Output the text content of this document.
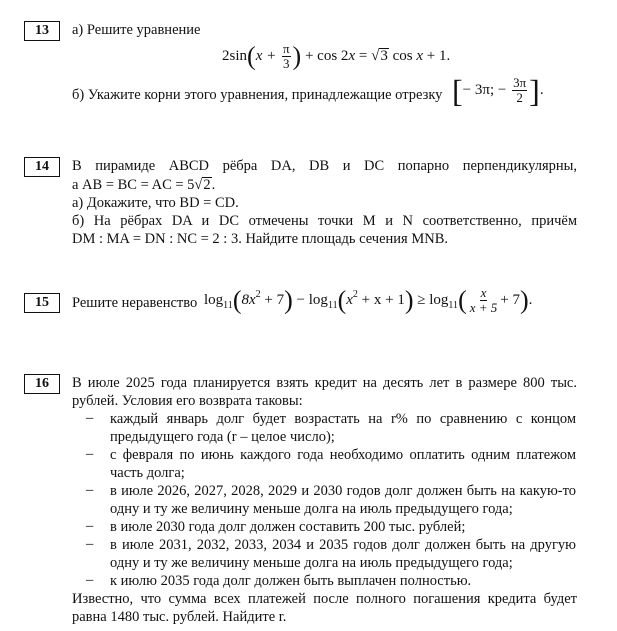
13	а) Решите уравнение
$2\sin(x + \frac{\pi}{3}$ ) + cos 2x = √3 cos x + 1.
б) Укажите корни этого уравнения, принадлежащие отрезку [− 3π; − $\frac{3\pi}{2}$ ].
14	В пирамиде ABCD рёбра DA, DB и DC попарно перпендикулярны,
а AB = BC = AC = 5√2.
а) Докажите, что BD = CD.
б) На рёбрах DA и DC отмечены точки M и N соответственно, причём
DM : MA = DN : NC = 2 : 3. Найдите площадь сечения MNB.
15	Решите неравенство $\log_{11}(8x^2 + 7) - \log_{11}(x^2 + x + 1) \ge \log_{11}( \frac{x}{x + 5} + 7)$.
16	В июле 2025 года планируется взять кредит на десять лет в размере 800 тыс.
рублей. Условия его возврата таковы:
– каждый январь долг будет возрастать на r% по сравнению с концом
предыдущего года (r – целое число);
– с февраля по июнь каждого года необходимо оплатить одним платежом
часть долга;
– в июле 2026, 2027, 2028, 2029 и 2030 годов долг должен быть на какую-то
одну и ту же величину меньше долга на июль предыдущего года;
– в июле 2030 года долг должен составить 200 тыс. рублей;
– в июле 2031, 2032, 2033, 2034 и 2035 годов долг должен быть на другую
одну и ту же величину меньше долга на июль предыдущего года;
– к июлю 2035 года долг должен быть выплачен полностью.
Известно, что сумма всех платежей после полного погашения кредита будет
равна 1480 тыс. рублей. Найдите r.
